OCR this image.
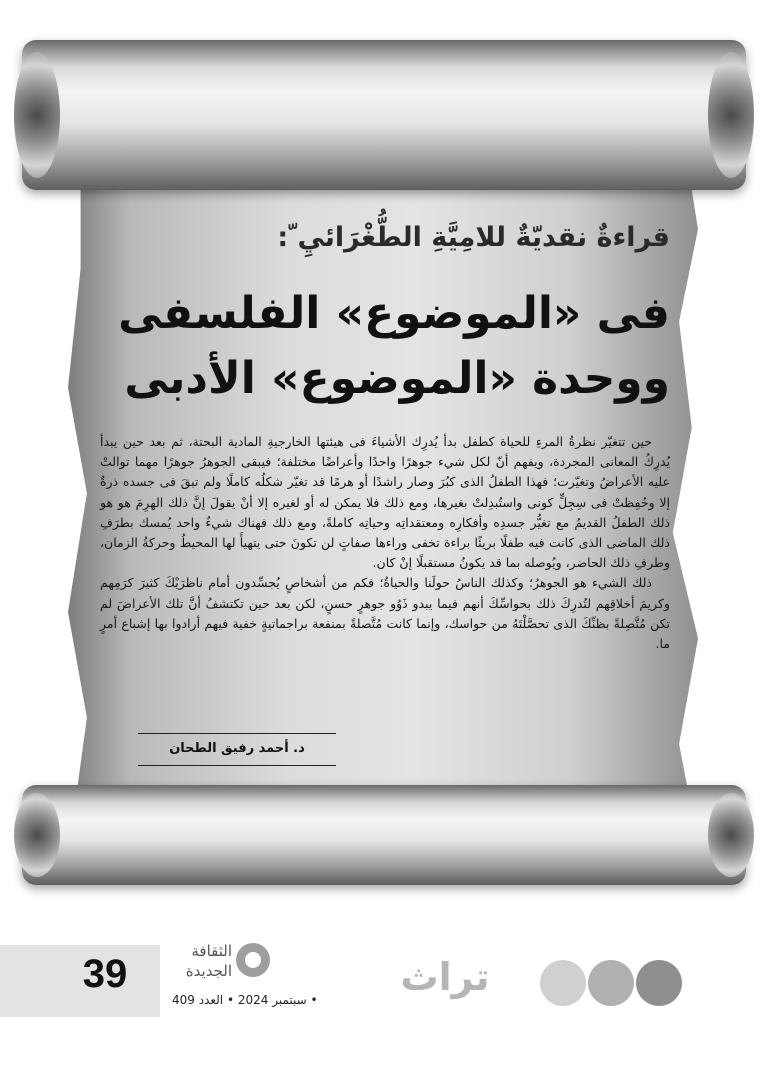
قراءةٌ نقديّةٌ للامِيَّةِ الطُّغْرَائيِ ّ:
فى «الموضوع» الفلسفى
ووحدة «الموضوع» الأدبى

حين تتغيّر نظرةُ المرءِ للحياة كطفل بدأ يُدرِك الأشياءَ فى هيئتها الخارجيةِ المادية البحتة، ثم بعد حين يبدأ يُدرِكُ المعانى المجردة، ويفهم أنّ لكل شيء جوهرًا واحدًا وأعراضًا مختلفة؛ فيبقى الجوهرُ جوهرًا مهما توالتْ عليه الأعراضُ وتغيّرت؛ فهذا الطفلُ الذى كبُرَ وصار راشدًا أو هرمًا قد تغيّر شكلُه كاملًا ولم تبقَ فى جسده ذرةٌ إلا وحُفِظتْ فى سِجِلٍّ كونى واستُبدِلتْ بغيرها، ومع ذلك فلا يمكن له أو لغيره إلا أنْ يقولَ إنَّ ذلك الهرِمَ هو هو ذلك الطفلُ القديمُ مع تغيُّر جسدِه وأفكارِه ومعتقداتِه وحياتِه كاملةً، ومع ذلك فهناك شيءٌ واحد يُمسك بطرَفِ ذلك الماضى الذى كانت فيه طفلًا بريئًا براءة تخفى وراءها صفاتٍ لن تكونَ حتى يتهيأَ لها المحيطُ وحركةُ الزمان، وطرفِ ذلك الحاضر، ويُوصله بما قد يكونُ مستقبلًا إنْ كان.

ذلك الشيء هو الجوهرُ؛ وكذلك الناسُ حولَنا والحياةُ؛ فكم من أشخاصٍ يُجسِّدون أمام ناظرَيْكَ كثيرَ كرَمِهم وكريمَ أخلاقِهم لتُدرِكَ ذلك بحواسِّكَ أنهم فيما يبدو ذَوُو جوهرٍ حسنٍ، لكن بعد حين تكتشفُ أنَّ تلك الأعراضَ لم تكن مُتَّصِلةً بظنِّكَ الذى تحصَّلْتَهُ من حواسك، وإنما كانت مُتَّصلةً بمنفعة براجماتيةٍ خفية فيهم أرادوا بها إشباع أمرٍ ما.

د. أحمد رفيق الطحان
39
الثقافة
الجديدة
• سبتمبر 2024 • العدد 409
تراث
